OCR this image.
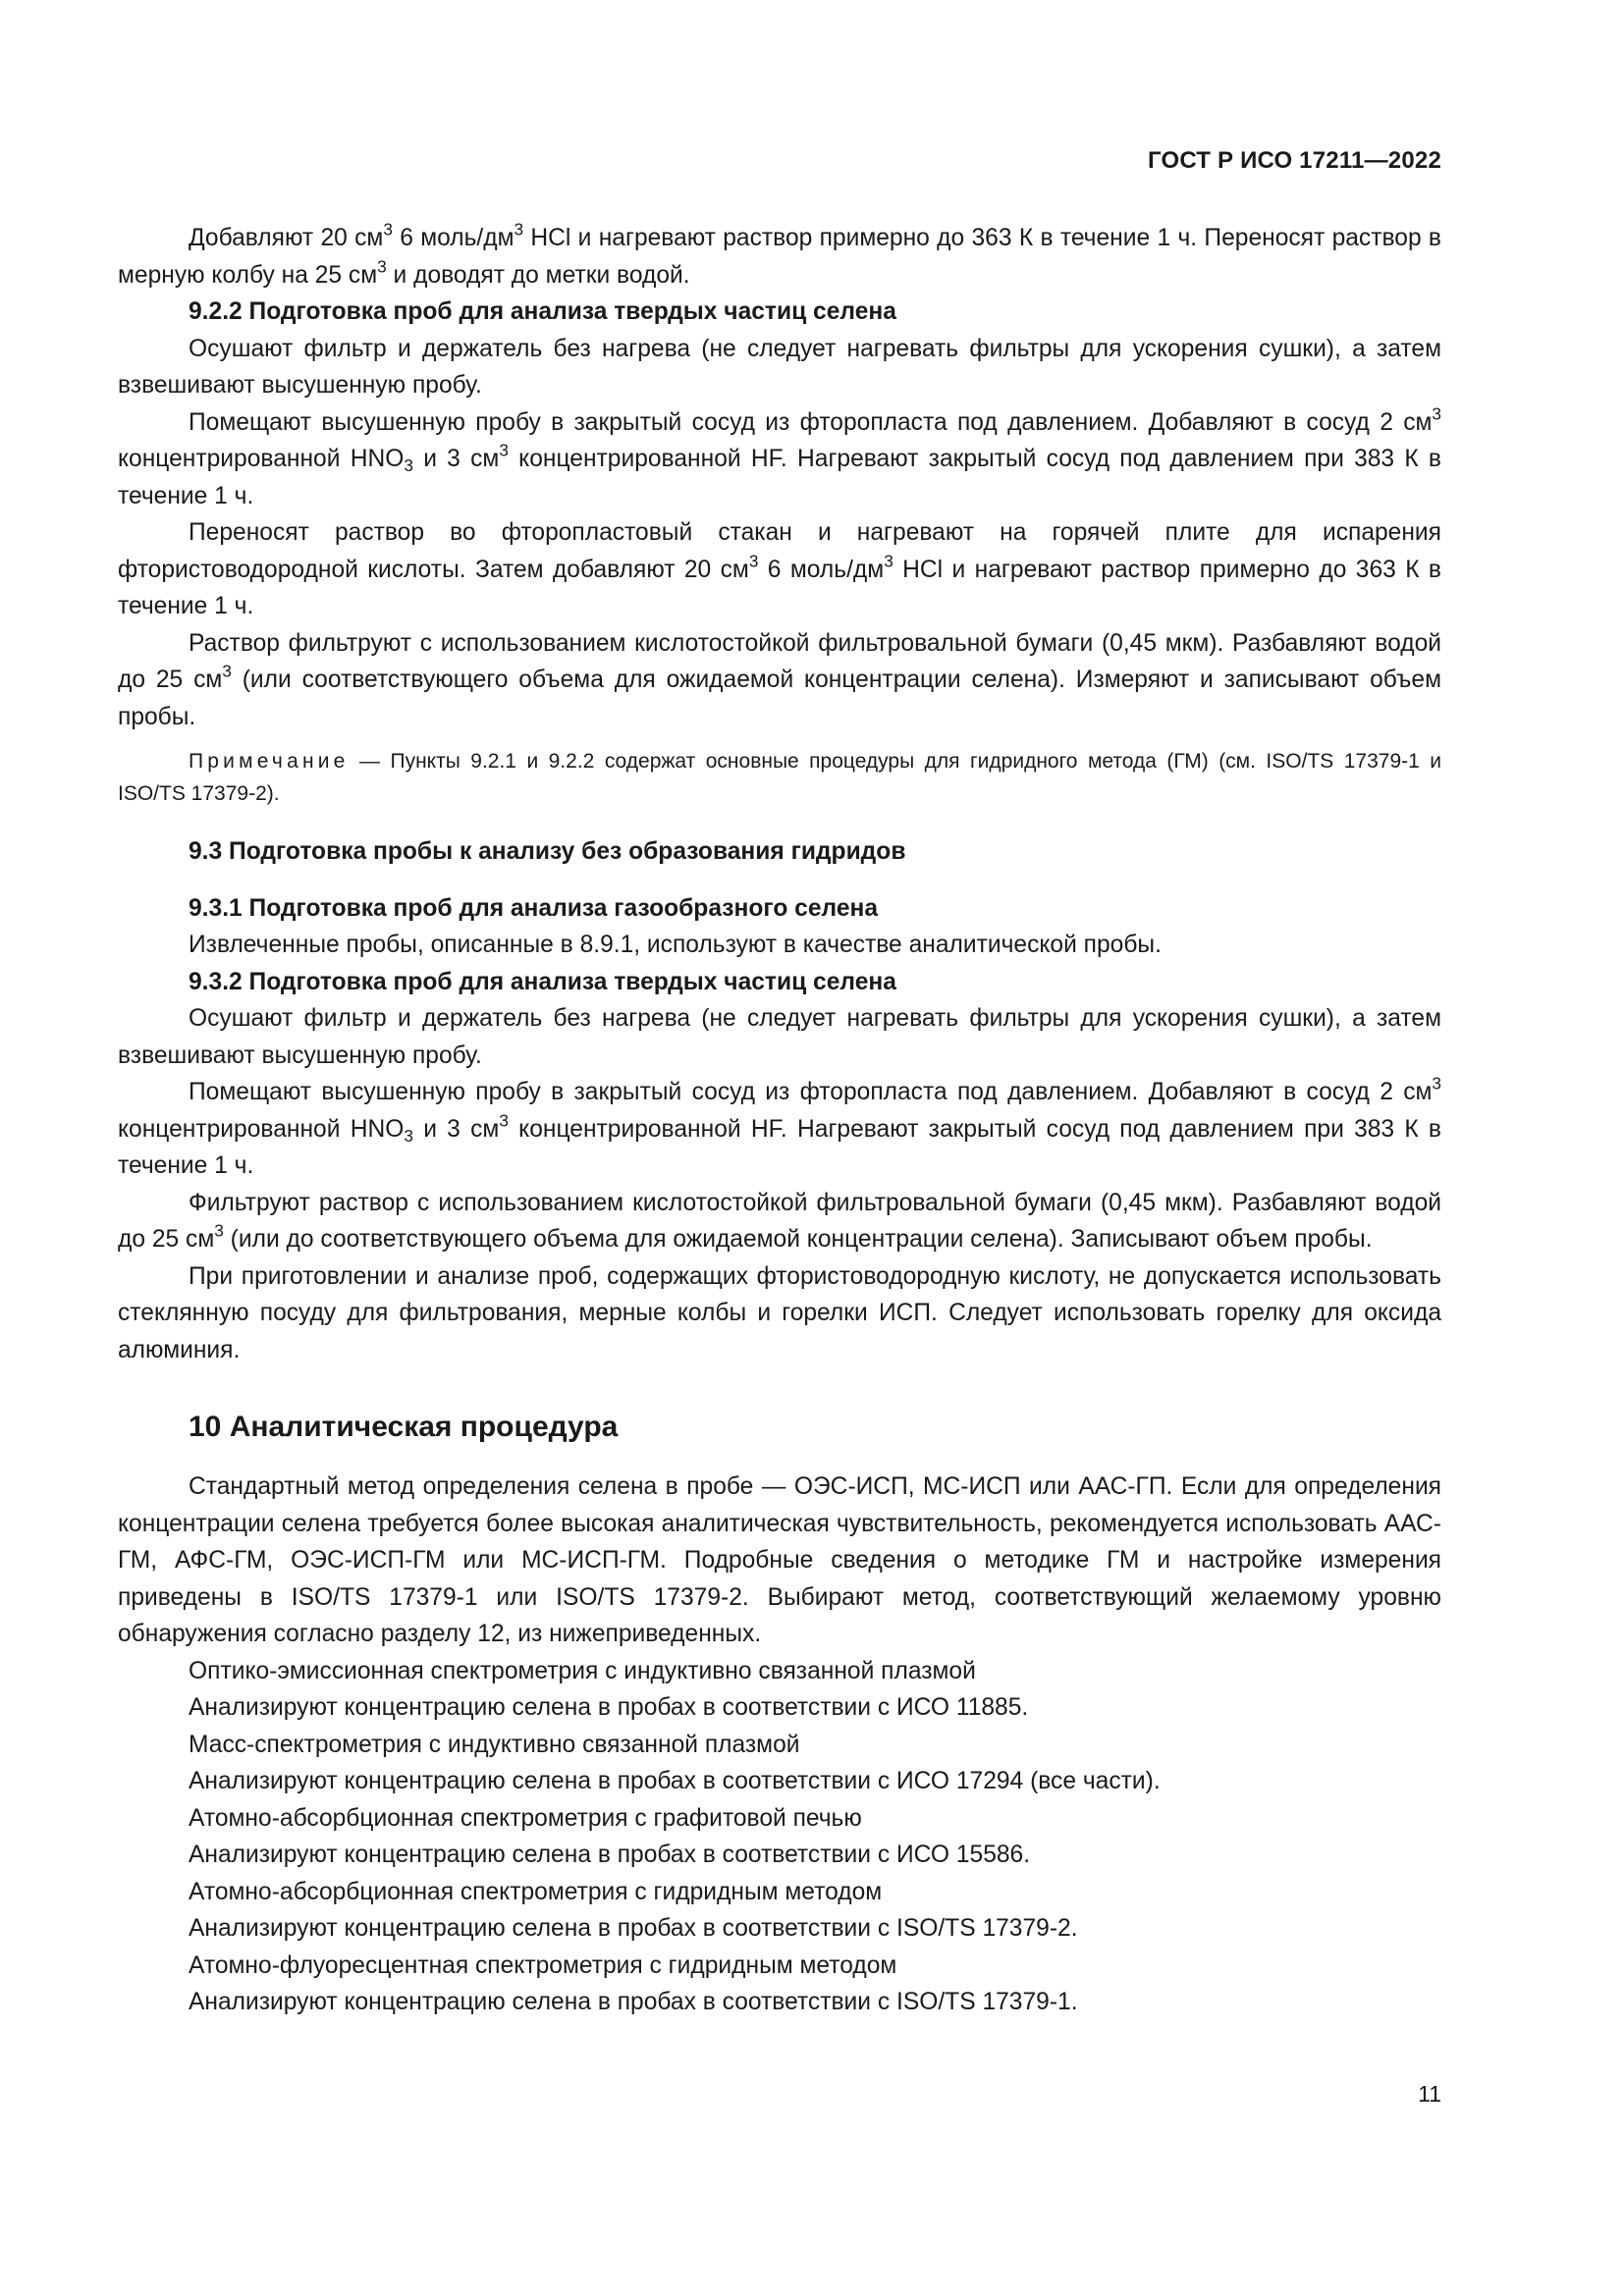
ГОСТ Р ИСО 17211—2022

Добавляют 20 $см^3$ 6 моль/$дм^3$ HCl и нагревают раствор примерно до 363 К в течение 1 ч. Переносят раствор в мерную колбу на 25 $см^3$ и доводят до метки водой.

9.2.2 Подготовка проб для анализа твердых частиц селена

Осушают фильтр и держатель без нагрева (не следует нагревать фильтры для ускорения сушки), а затем взвешивают высушенную пробу.

Помещают высушенную пробу в закрытый сосуд из фторопласта под давлением. Добавляют в сосуд 2 $см^3$ концентрированной $HNO_3$ и 3 $см^3$ концентрированной HF. Нагревают закрытый сосуд под давлением при 383 К в течение 1 ч.

Переносят раствор во фторопластовый стакан и нагревают на горячей плите для испарения фтористоводородной кислоты. Затем добавляют 20 $см^3$ 6 моль/$дм^3$ HCl и нагревают раствор примерно до 363 К в течение 1 ч.

Раствор фильтруют с использованием кислотостойкой фильтровальной бумаги (0,45 мкм). Разбавляют водой до 25 $см^3$ (или соответствующего объема для ожидаемой концентрации селена). Измеряют и записывают объем пробы.

Примечание — Пункты 9.2.1 и 9.2.2 содержат основные процедуры для гидридного метода (ГМ) (см. ISO/TS 17379-1 и ISO/TS 17379-2).

9.3 Подготовка пробы к анализу без образования гидридов

9.3.1 Подготовка проб для анализа газообразного селена

Извлеченные пробы, описанные в 8.9.1, используют в качестве аналитической пробы.

9.3.2 Подготовка проб для анализа твердых частиц селена

Осушают фильтр и держатель без нагрева (не следует нагревать фильтры для ускорения сушки), а затем взвешивают высушенную пробу.

Помещают высушенную пробу в закрытый сосуд из фторопласта под давлением. Добавляют в сосуд 2 $см^3$ концентрированной $HNO_3$ и 3 $см^3$ концентрированной HF. Нагревают закрытый сосуд под давлением при 383 К в течение 1 ч.

Фильтруют раствор с использованием кислотостойкой фильтровальной бумаги (0,45 мкм). Разбавляют водой до 25 $см^3$ (или до соответствующего объема для ожидаемой концентрации селена). Записывают объем пробы.

При приготовлении и анализе проб, содержащих фтористоводородную кислоту, не допускается использовать стеклянную посуду для фильтрования, мерные колбы и горелки ИСП. Следует использовать горелку для оксида алюминия.

10 Аналитическая процедура

Стандартный метод определения селена в пробе — ОЭС-ИСП, МС-ИСП или ААС-ГП. Если для определения концентрации селена требуется более высокая аналитическая чувствительность, рекомендуется использовать ААС-ГМ, АФС-ГМ, ОЭС-ИСП-ГМ или МС-ИСП-ГМ. Подробные сведения о методике ГМ и настройке измерения приведены в ISO/TS 17379-1 или ISO/TS 17379-2. Выбирают метод, соответствующий желаемому уровню обнаружения согласно разделу 12, из нижеприведенных.

Оптико-эмиссионная спектрометрия с индуктивно связанной плазмой

Анализируют концентрацию селена в пробах в соответствии с ИСО 11885.

Масс-спектрометрия с индуктивно связанной плазмой

Анализируют концентрацию селена в пробах в соответствии с ИСО 17294 (все части).

Атомно-абсорбционная спектрометрия с графитовой печью

Анализируют концентрацию селена в пробах в соответствии с ИСО 15586.

Атомно-абсорбционная спектрометрия с гидридным методом

Анализируют концентрацию селена в пробах в соответствии с ISO/TS 17379-2.

Атомно-флуоресцентная спектрометрия с гидридным методом

Анализируют концентрацию селена в пробах в соответствии с ISO/TS 17379-1.

11
